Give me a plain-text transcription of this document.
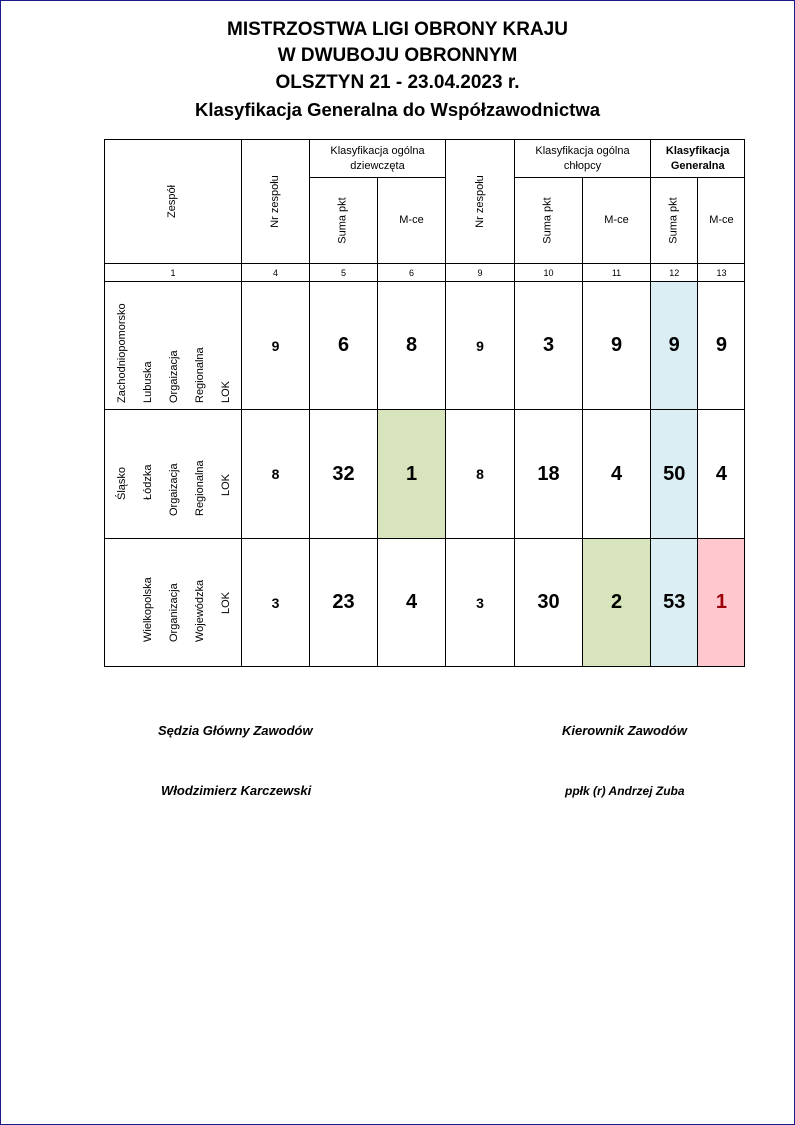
MISTRZOSTWA LIGI OBRONY KRAJU
W DWUBOJU OBRONNYM
OLSZTYN 21 - 23.04.2023 r.
Klasyfikacja Generalna do Współzawodnictwa
Zespół	Nr zespołu	Klasyfikacja ogólna dziewczęta		Nr zespołu	Klasyfikacja ogólna chłopcy		Klasyfikacja Generalna	
		Suma pkt	M-ce		Suma pkt	M-ce	Suma pkt	M-ce
1	4	5	6	9	10	11	12	13

Zachodniopomorsko Lubuska Orgaizacja Regionalna LOK	9	6	8	9	3	9	9	9

Śląsko Łódzka Orgaizacja Regionalna LOK	8	32	1	8	18	4	50	4

Wielkopolska Organizacja Wojewódzka LOK	3	23	4	3	30	2	53	1
Sędzia Główny Zawodów
Włodzimierz Karczewski
Kierownik Zawodów
ppłk (r) Andrzej Zuba
